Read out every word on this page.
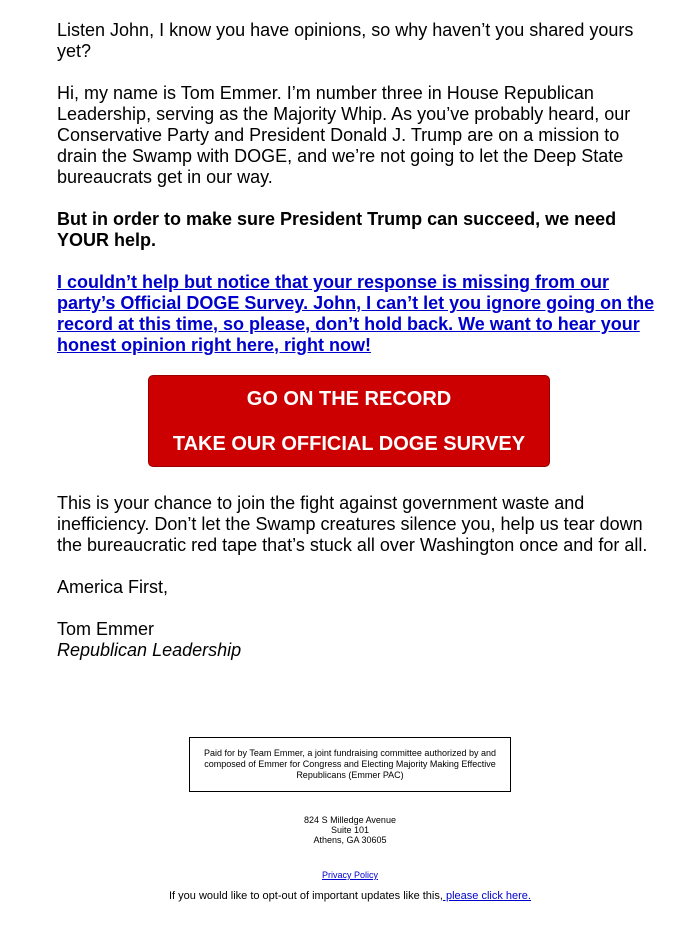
Listen John, I know you have opinions, so why haven’t you shared yours yet?

Hi, my name is Tom Emmer. I’m number three in House Republican Leadership, serving as the Majority Whip. As you’ve probably heard, our Conservative Party and President Donald J. Trump are on a mission to drain the Swamp with DOGE, and we’re not going to let the Deep State bureaucrats get in our way.

But in order to make sure President Trump can succeed, we need YOUR help.

I couldn’t help but notice that your response is missing from our party’s Official DOGE Survey. John, I can’t let you ignore going on the record at this time, so please, don’t hold back. We want to hear your honest opinion right here, right now!

GO ON THE RECORD
TAKE OUR OFFICIAL DOGE SURVEY

This is your chance to join the fight against government waste and inefficiency. Don’t let the Swamp creatures silence you, help us tear down the bureaucratic red tape that’s stuck all over Washington once and for all.

America First,

Tom Emmer

Republican Leadership

Paid for by Team Emmer, a joint fundraising committee authorized by and composed of Emmer for Congress and Electing Majority Making Effective Republicans (Emmer PAC)
824 S Milledge Avenue
Suite 101
Athens, GA 30605
Privacy Policy
If you would like to opt-out of important updates like this, please click here.
